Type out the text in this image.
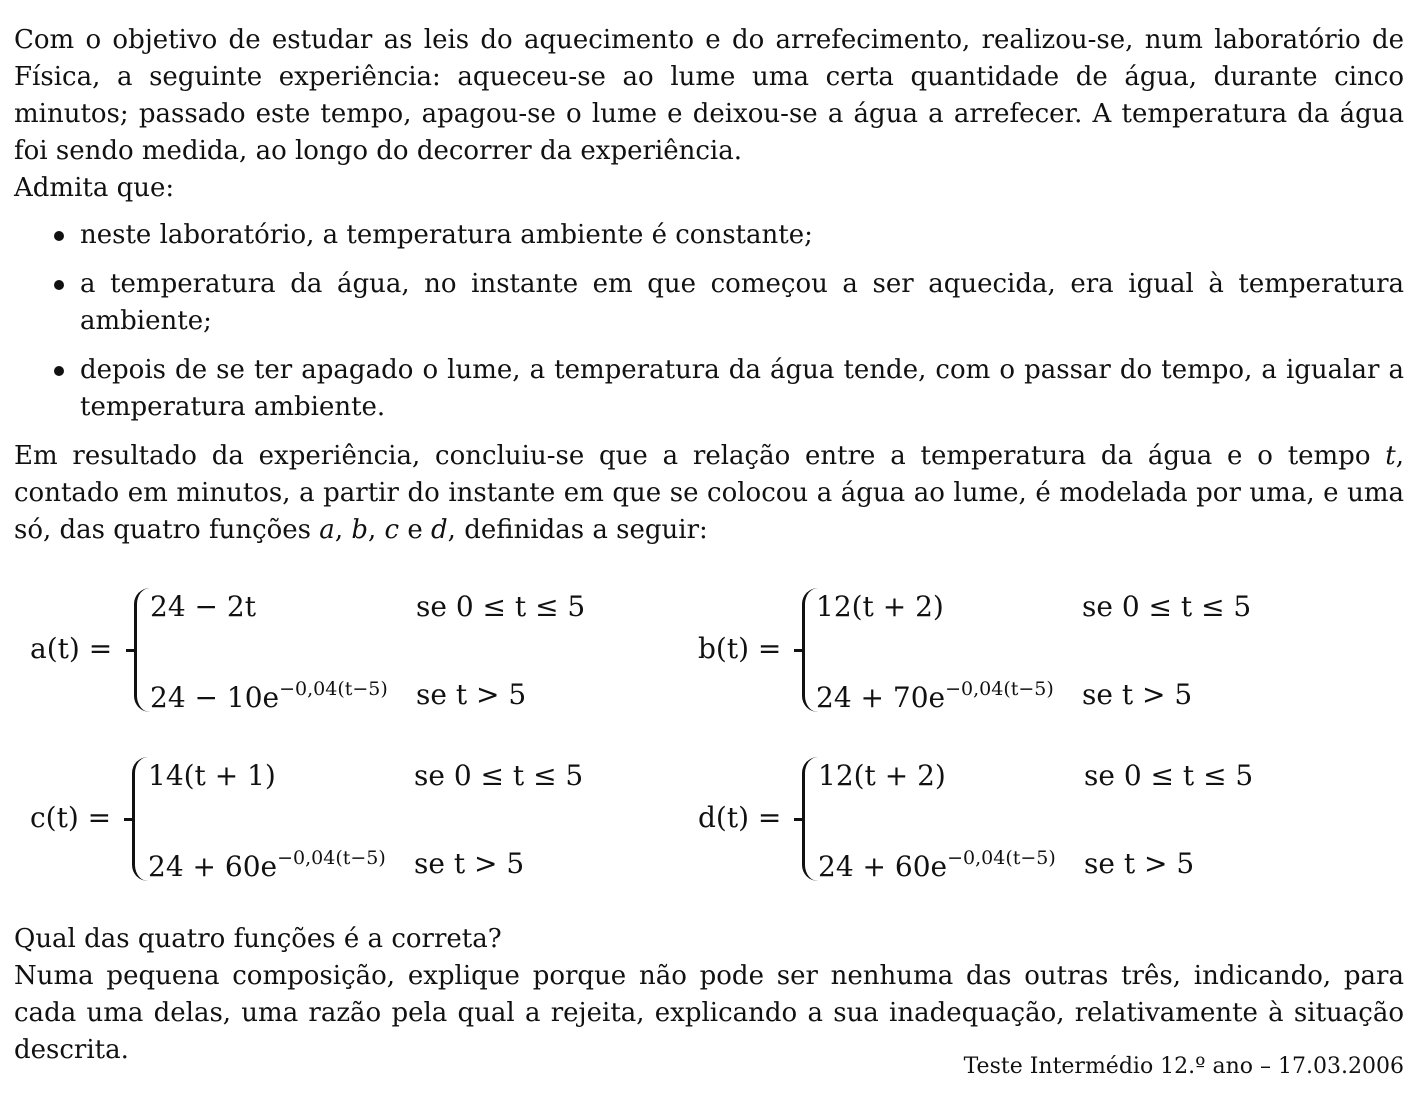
Com o objetivo de estudar as leis do aquecimento e do arrefecimento, realizou-se, num laboratório de Física, a seguinte experiência: aqueceu-se ao lume uma certa quantidade de água, durante cinco minutos; passado este tempo, apagou-se o lume e deixou-se a água a arrefecer. A temperatura da água foi sendo medida, ao longo do decorrer da experiência.

Admita que:

neste laboratório, a temperatura ambiente é constante;
a temperatura da água, no instante em que começou a ser aquecida, era igual à temperatura ambiente;
depois de se ter apagado o lume, a temperatura da água tende, com o passar do tempo, a igualar a temperatura ambiente.

Em resultado da experiência, concluiu-se que a relação entre a temperatura da água e o tempo t, contado em minutos, a partir do instante em que se colocou a água ao lume, é modelada por uma, e uma só, das quatro funções a, b, c e d, definidas a seguir:

a(t) =
24 − 2t	se 0 ≤ t ≤ 5
$24 - 10e^{-0,04(t-5)}$ se t > 5
b(t) =
12(t + 2)	se 0 ≤ t ≤ 5
$24 + 70e^{-0,04(t-5)}$ se t > 5
c(t) =
14(t + 1)	se 0 ≤ t ≤ 5
$24 + 60e^{-0,04(t-5)}$ se t > 5
d(t) =
12(t + 2)	se 0 ≤ t ≤ 5
$24 + 60e^{-0,04(t-5)}$ se t > 5

Qual das quatro funções é a correta?

Numa pequena composição, explique porque não pode ser nenhuma das outras três, indicando, para cada uma delas, uma razão pela qual a rejeita, explicando a sua inadequação, relativamente à situação descrita.

Teste Intermédio 12.º ano – 17.03.2006
